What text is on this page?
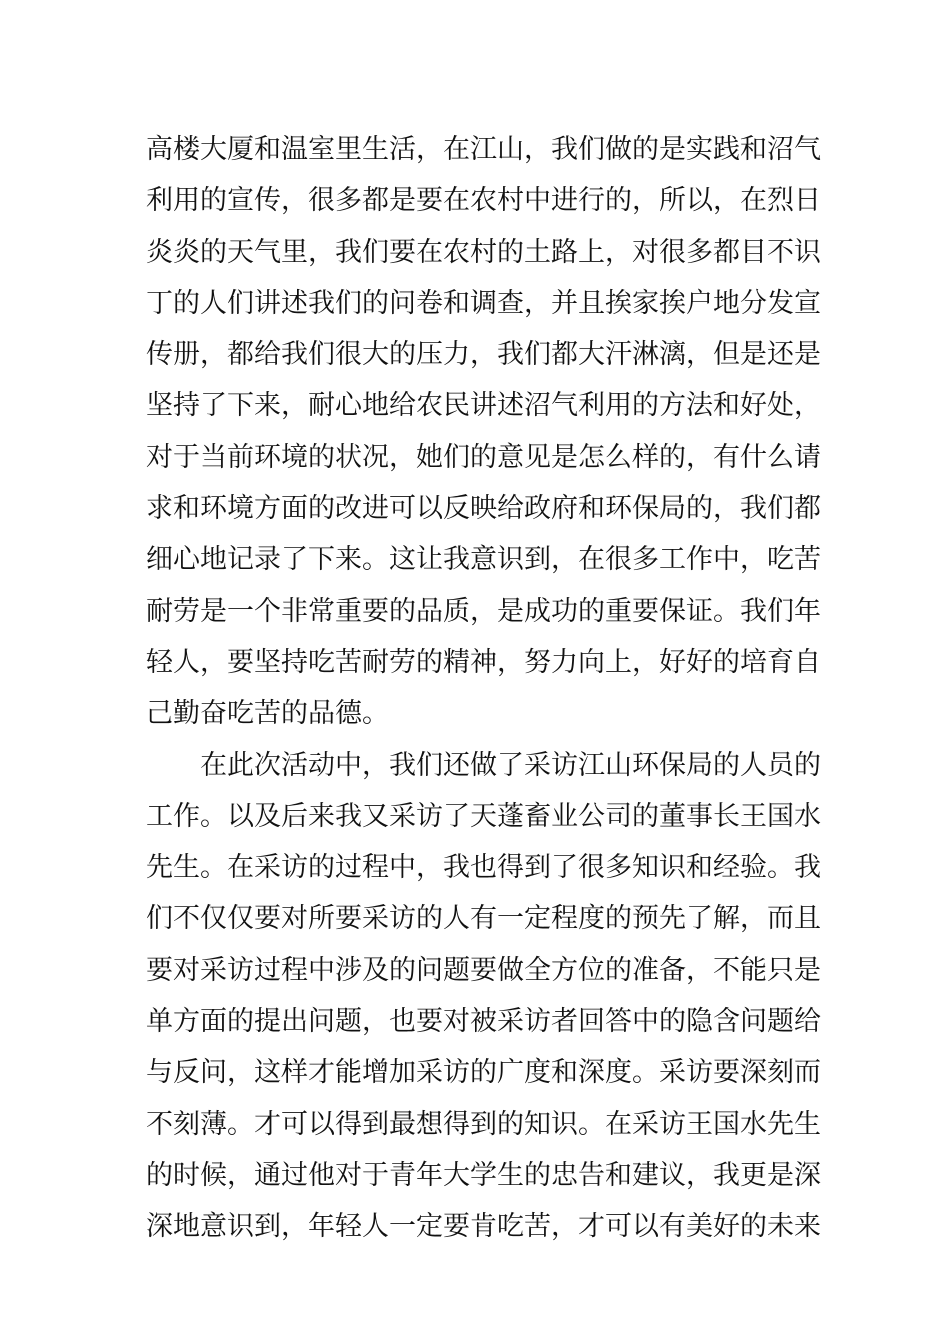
高楼大厦和温室里生活，在江山，我们做的是实践和沼气
利用的宣传，很多都是要在农村中进行的，所以，在烈日
炎炎的天气里，我们要在农村的土路上，对很多都目不识
丁的人们讲述我们的问卷和调查，并且挨家挨户地分发宣
传册，都给我们很大的压力，我们都大汗淋漓，但是还是
坚持了下来，耐心地给农民讲述沼气利用的方法和好处，
对于当前环境的状况，她们的意见是怎么样的，有什么请
求和环境方面的改进可以反映给政府和环保局的，我们都
细心地记录了下来。这让我意识到，在很多工作中，吃苦
耐劳是一个非常重要的品质，是成功的重要保证。我们年
轻人，要坚持吃苦耐劳的精神，努力向上，好好的培育自
己勤奋吃苦的品德。
在此次活动中，我们还做了采访江山环保局的人员的
工作。以及后来我又采访了天蓬畜业公司的董事长王国水
先生。在采访的过程中，我也得到了很多知识和经验。我
们不仅仅要对所要采访的人有一定程度的预先了解，而且
要对采访过程中涉及的问题要做全方位的准备，不能只是
单方面的提出问题，也要对被采访者回答中的隐含问题给
与反问，这样才能增加采访的广度和深度。采访要深刻而
不刻薄。才可以得到最想得到的知识。在采访王国水先生
的时候，通过他对于青年大学生的忠告和建议，我更是深
深地意识到，年轻人一定要肯吃苦，才可以有美好的未来
